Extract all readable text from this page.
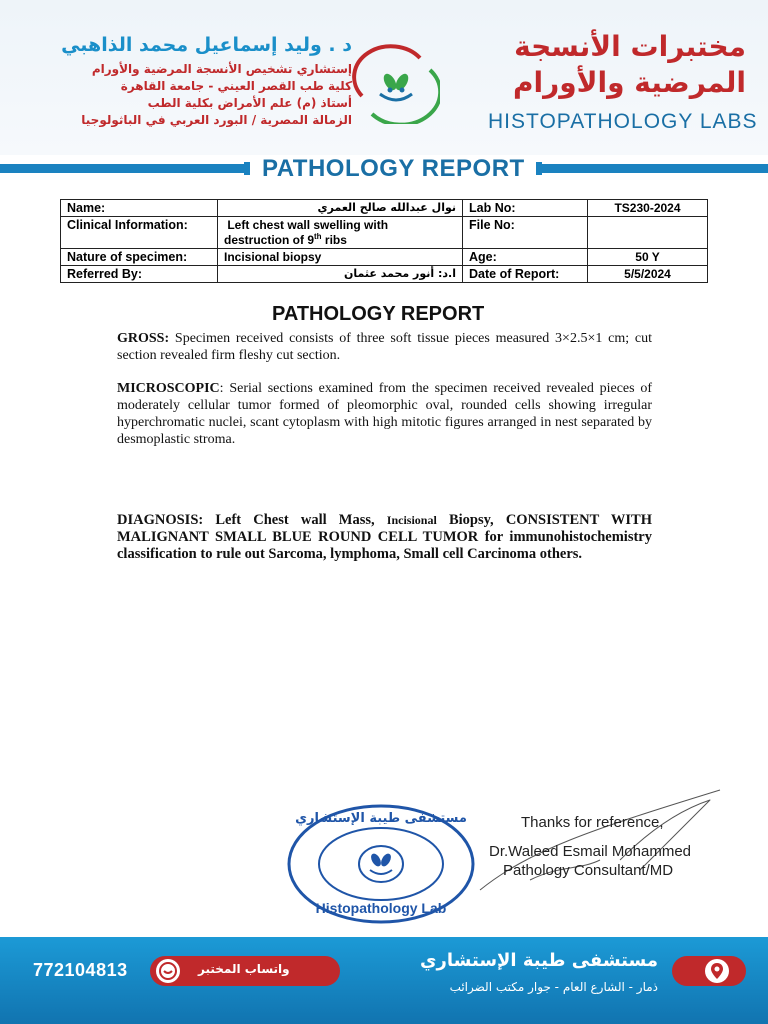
د . وليد إسماعيل محمد الذاهبي
إستشاري تشخيص الأنسجة المرضية والأورام
كلية طب القصر العيني - جامعة القاهرة
أستاذ (م) علم الأمراض بكلية الطب
الزمالة المصرية / البورد العربي في الباثولوجيا
مختبرات الأنسجة
المرضية والأورام
HISTOPATHOLOGY LABS
PATHOLOGY REPORT
Name:	نوال عبدالله صالح العمري	Lab No:	TS230-2024
Clinical Information:	Left chest wall swelling with
destruction of 9th ribs	File No:	
Nature of specimen:	Incisional biopsy	Age:	50 Y
Referred By:	ا.د: أنور محمد عثمان	Date of Report:	5/5/2024
PATHOLOGY REPORT
GROSS: Specimen received consists of three soft tissue pieces measured 3×2.5×1 cm; cut section revealed firm fleshy cut section.
MICROSCOPIC: Serial sections examined from the specimen received revealed pieces of moderately cellular tumor formed of pleomorphic oval, rounded cells showing irregular hyperchromatic nuclei, scant cytoplasm with high mitotic figures arranged in nest separated by desmoplastic stroma.
DIAGNOSIS: Left Chest wall Mass, Incisional Biopsy, CONSISTENT WITH MALIGNANT SMALL BLUE ROUND CELL TUMOR for immunohistochemistry classification to rule out Sarcoma, lymphoma, Small cell Carcinoma others.
مستشفى طيبة الإستشاري
Histopathology Lab
Thanks for reference,
Dr.Waleed Esmail Mohammed
Pathology Consultant/MD
772104813	واتساب المختبر	مستشفى طيبة الإستشاري
ذمار - الشارع العام - جوار مكتب الضرائب
